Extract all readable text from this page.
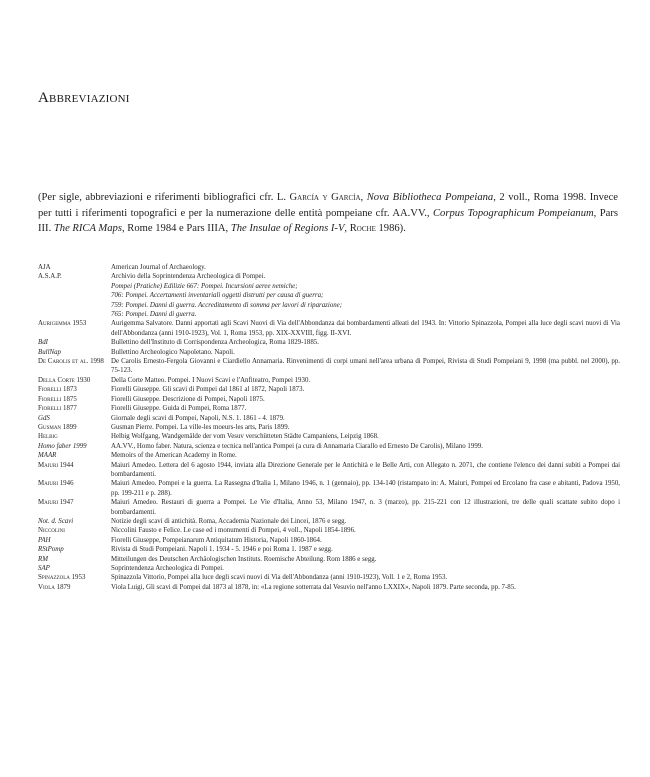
Abbreviazioni
(Per sigle, abbreviazioni e riferimenti bibliografici cfr. L. García y García, Nova Bibliotheca Pompeiana, 2 voll., Roma 1998. Invece per tutti i riferimenti topografici e per la numerazione delle entità pompeiane cfr. AA.VV., Corpus Topographicum Pompeianum, Pars III. The RICA Maps, Rome 1984 e Pars IIIA, The Insulae of Regions I-V, Roche 1986).
AJA	American Journal of Archaeology.
A.S.A.P.	Archivio della Soprintendenza Archeologica di Pompei.
Pompei (Pratiche) Edilizie 667: Pompei. Incursioni aeree nemiche;
706: Pompei. Accertamenti inventariali oggetti distrutti per causa di guerra;
759: Pompei. Danni di guerra. Accreditamento di somma per lavori di riparazione;
765: Pompei. Danni di guerra.
Aurigemma 1953	Aurigemma Salvatore. Danni apportati agli Scavi Nuovi di Via dell'Abbondanza dai bombardamenti alleati del 1943. In: Vittorio Spinazzola, Pompei alla luce degli scavi nuovi di Via dell'Abbondanza (anni 1910-1923), Vol. 1, Roma 1953, pp. XIX-XXVIII, figg. II-XVI.
BdI	Bullettino dell'Instituto di Corrispondenza Archeologica, Roma 1829-1885.
BullNap	Bullettino Archeologico Napoletano. Napoli.
De Carolis et al. 1998	De Carolis Ernesto-Fergola Giovanni e Ciardiello Annamaria. Rinvenimenti di corpi umani nell'area urbana di Pompei, Rivista di Studi Pompeiani 9, 1998 (ma pubbl. nel 2000), pp. 75-123.
Della Corte 1930	Della Corte Matteo. Pompei. I Nuovi Scavi e l'Anfiteatro, Pompei 1930.
Fiorelli 1873	Fiorelli Giuseppe. Gli scavi di Pompei dal 1861 al 1872, Napoli 1873.
Fiorelli 1875	Fiorelli Giuseppe. Descrizione di Pompei, Napoli 1875.
Fiorelli 1877	Fiorelli Giuseppe. Guida di Pompei, Roma 1877.
GdS	Giornale degli scavi di Pompei, Napoli, N.S. 1. 1861 - 4. 1879.
Gusman 1899	Gusman Pierre. Pompei. La ville-les moeurs-les arts, Paris 1899.
Helbig	Helbig Wolfgang, Wandgemälde der vom Vesuv verschütteten Städte Campaniens, Leipzig 1868.
Homo faber 1999	AA.VV., Homo faber. Natura, scienza e tecnica nell'antica Pompei (a cura di Annamaria Ciarallo ed Ernesto De Carolis), Milano 1999.
MAAR	Memoirs of the American Academy in Rome.
Maiuri 1944	Maiuri Amedeo. Lettera del 6 agosto 1944, inviata alla Direzione Generale per le Antichità e le Belle Arti, con Allegato n. 2071, che contiene l'elenco dei danni subiti a Pompei dai bombardamenti.
Maiuri 1946	Maiuri Amedeo. Pompei e la guerra. La Rassegna d'Italia 1, Milano 1946, n. 1 (gennaio), pp. 134-140 (ristampato in: A. Maiuri, Pompei ed Ercolano fra case e abitanti, Padova 1950, pp. 199-211 e p. 288).
Maiuri 1947	Maiuri Amedeo. Restauri di guerra a Pompei. Le Vie d'Italia, Anno 53, Milano 1947, n. 3 (marzo), pp. 215-221 con 12 illustrazioni, tre delle quali scattate subito dopo i bombardamenti.
Not. d. Scavi	Notizie degli scavi di antichità. Roma, Accademia Nazionale dei Lincei, 1876 e segg.
Niccolini	Niccolini Fausto e Felice. Le case ed i monumenti di Pompei, 4 voll., Napoli 1854-1896.
PAH	Fiorelli Giuseppe, Pompeianarum Antiquitatum Historia, Napoli 1860-1864.
RStPomp	Rivista di Studi Pompeiani. Napoli 1. 1934 - 5. 1946 e poi Roma 1. 1987 e segg.
RM	Mitteilungen des Deutschen Archäologischen Instituts. Roemische Abteilung. Rom 1886 e segg.
SAP	Soprintendenza Archeologica di Pompei.
Spinazzola 1953	Spinazzola Vittorio, Pompei alla luce degli scavi nuovi di Via dell'Abbondanza (anni 1910-1923), Voll. 1 e 2, Roma 1953.
Viola 1879	Viola Luigi, Gli scavi di Pompei dal 1873 al 1878, in: «La regione sotterrata dal Vesuvio nell'anno LXXIX», Napoli 1879. Parte seconda, pp. 7-85.
